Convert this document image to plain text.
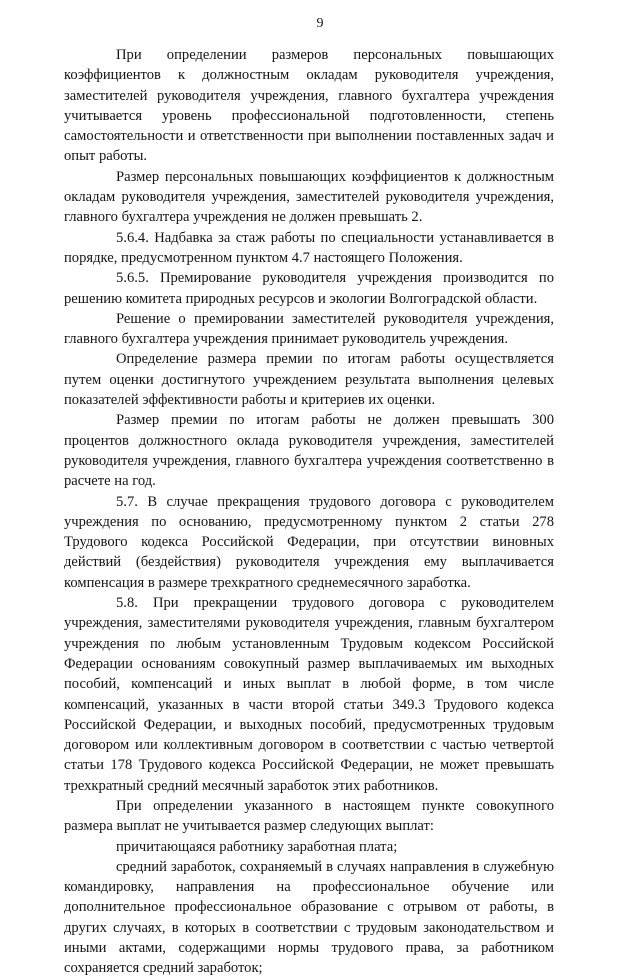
9

При определении размеров персональных повышающих коэффициентов к должностным окладам руководителя учреждения, заместителей руководителя учреждения, главного бухгалтера учреждения учитывается уровень профессиональной подготовленности, степень самостоятельности и ответственности при выполнении поставленных задач и опыт работы.

Размер персональных повышающих коэффициентов к должностным окладам руководителя учреждения, заместителей руководителя учреждения, главного бухгалтера учреждения не должен превышать 2.

5.6.4. Надбавка за стаж работы по специальности устанавливается в порядке, предусмотренном пунктом 4.7 настоящего Положения.

5.6.5. Премирование руководителя учреждения производится по решению комитета природных ресурсов и экологии Волгоградской области.

Решение о премировании заместителей руководителя учреждения, главного бухгалтера учреждения принимает руководитель учреждения.

Определение размера премии по итогам работы осуществляется путем оценки достигнутого учреждением результата выполнения целевых показателей эффективности работы и критериев их оценки.

Размер премии по итогам работы не должен превышать 300 процентов должностного оклада руководителя учреждения, заместителей руководителя учреждения, главного бухгалтера учреждения соответственно в расчете на год.

5.7. В случае прекращения трудового договора с руководителем учреждения по основанию, предусмотренному пунктом 2 статьи 278 Трудового кодекса Российской Федерации, при отсутствии виновных действий (бездействия) руководителя учреждения ему выплачивается компенсация в размере трехкратного среднемесячного заработка.

5.8. При прекращении трудового договора с руководителем учреждения, заместителями руководителя учреждения, главным бухгалтером учреждения по любым установленным Трудовым кодексом Российской Федерации основаниям совокупный размер выплачиваемых им выходных пособий, компенсаций и иных выплат в любой форме, в том числе компенсаций, указанных в части второй статьи 349.3 Трудового кодекса Российской Федерации, и выходных пособий, предусмотренных трудовым договором или коллективным договором в соответствии с частью четвертой статьи 178 Трудового кодекса Российской Федерации, не может превышать трехкратный средний месячный заработок этих работников.

При определении указанного в настоящем пункте совокупного размера выплат не учитывается размер следующих выплат:

причитающаяся работнику заработная плата;

средний заработок, сохраняемый в случаях направления в служебную командировку, направления на профессиональное обучение или дополнительное профессиональное образование с отрывом от работы, в других случаях, в которых в соответствии с трудовым законодательством и иными актами, содержащими нормы трудового права, за работником сохраняется средний заработок;
